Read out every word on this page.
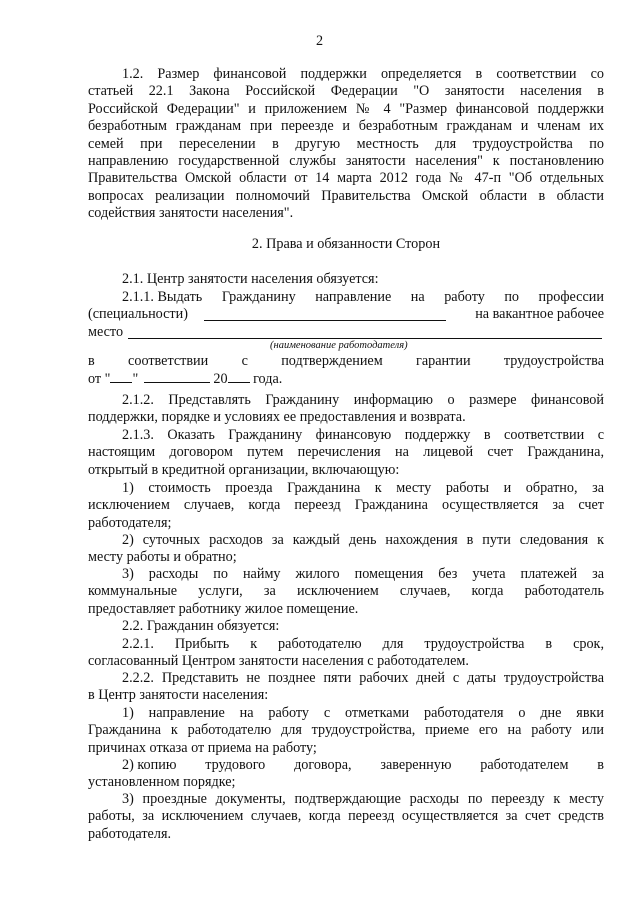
2
1.2. Размер финансовой поддержки определяется в соответствии со
статьей 22.1 Закона Российской Федерации "О занятости населения в
Российской Федерации" и приложением № 4 "Размер финансовой поддержки
безработным гражданам при переезде и безработным гражданам и членам их
семей при переселении в другую местность для трудоустройства по
направлению государственной службы занятости населения" к постановлению
Правительства Омской области от 14 марта 2012 года № 47-п "Об отдельных
вопросах реализации полномочий Правительства Омской области в области
содействия занятости населения".
2. Права и обязанности Сторон
2.1. Центр занятости населения обязуется:
2.1.1. Выдать Гражданину направление на работу по профессии
(специальности)	на вакантное рабочее
место
(наименование работодателя)
в соответствии с подтверждением гарантии трудоустройства
от " "	20 года.
2.1.2. Представлять Гражданину информацию о размере финансовой
поддержки, порядке и условиях ее предоставления и возврата.
2.1.3. Оказать Гражданину финансовую поддержку в соответствии с
настоящим договором путем перечисления на лицевой счет Гражданина,
открытый в кредитной организации, включающую:
1) стоимость проезда Гражданина к месту работы и обратно, за
исключением случаев, когда переезд Гражданина осуществляется за счет
работодателя;
2) суточных расходов за каждый день нахождения в пути следования к
месту работы и обратно;
3) расходы по найму жилого помещения без учета платежей за
коммунальные услуги, за исключением случаев, когда работодатель
предоставляет работнику жилое помещение.
2.2. Гражданин обязуется:
2.2.1. Прибыть к работодателю для трудоустройства в срок,
согласованный Центром занятости населения с работодателем.
2.2.2. Представить не позднее пяти рабочих дней с даты трудоустройства
в Центр занятости населения:
1) направление на работу с отметками работодателя о дне явки
Гражданина к работодателю для трудоустройства, приеме его на работу или
причинах отказа от приема на работу;
2) копию трудового договора, заверенную работодателем в
установленном порядке;
3) проездные документы, подтверждающие расходы по переезду к месту
работы, за исключением случаев, когда переезд осуществляется за счет средств
работодателя.
